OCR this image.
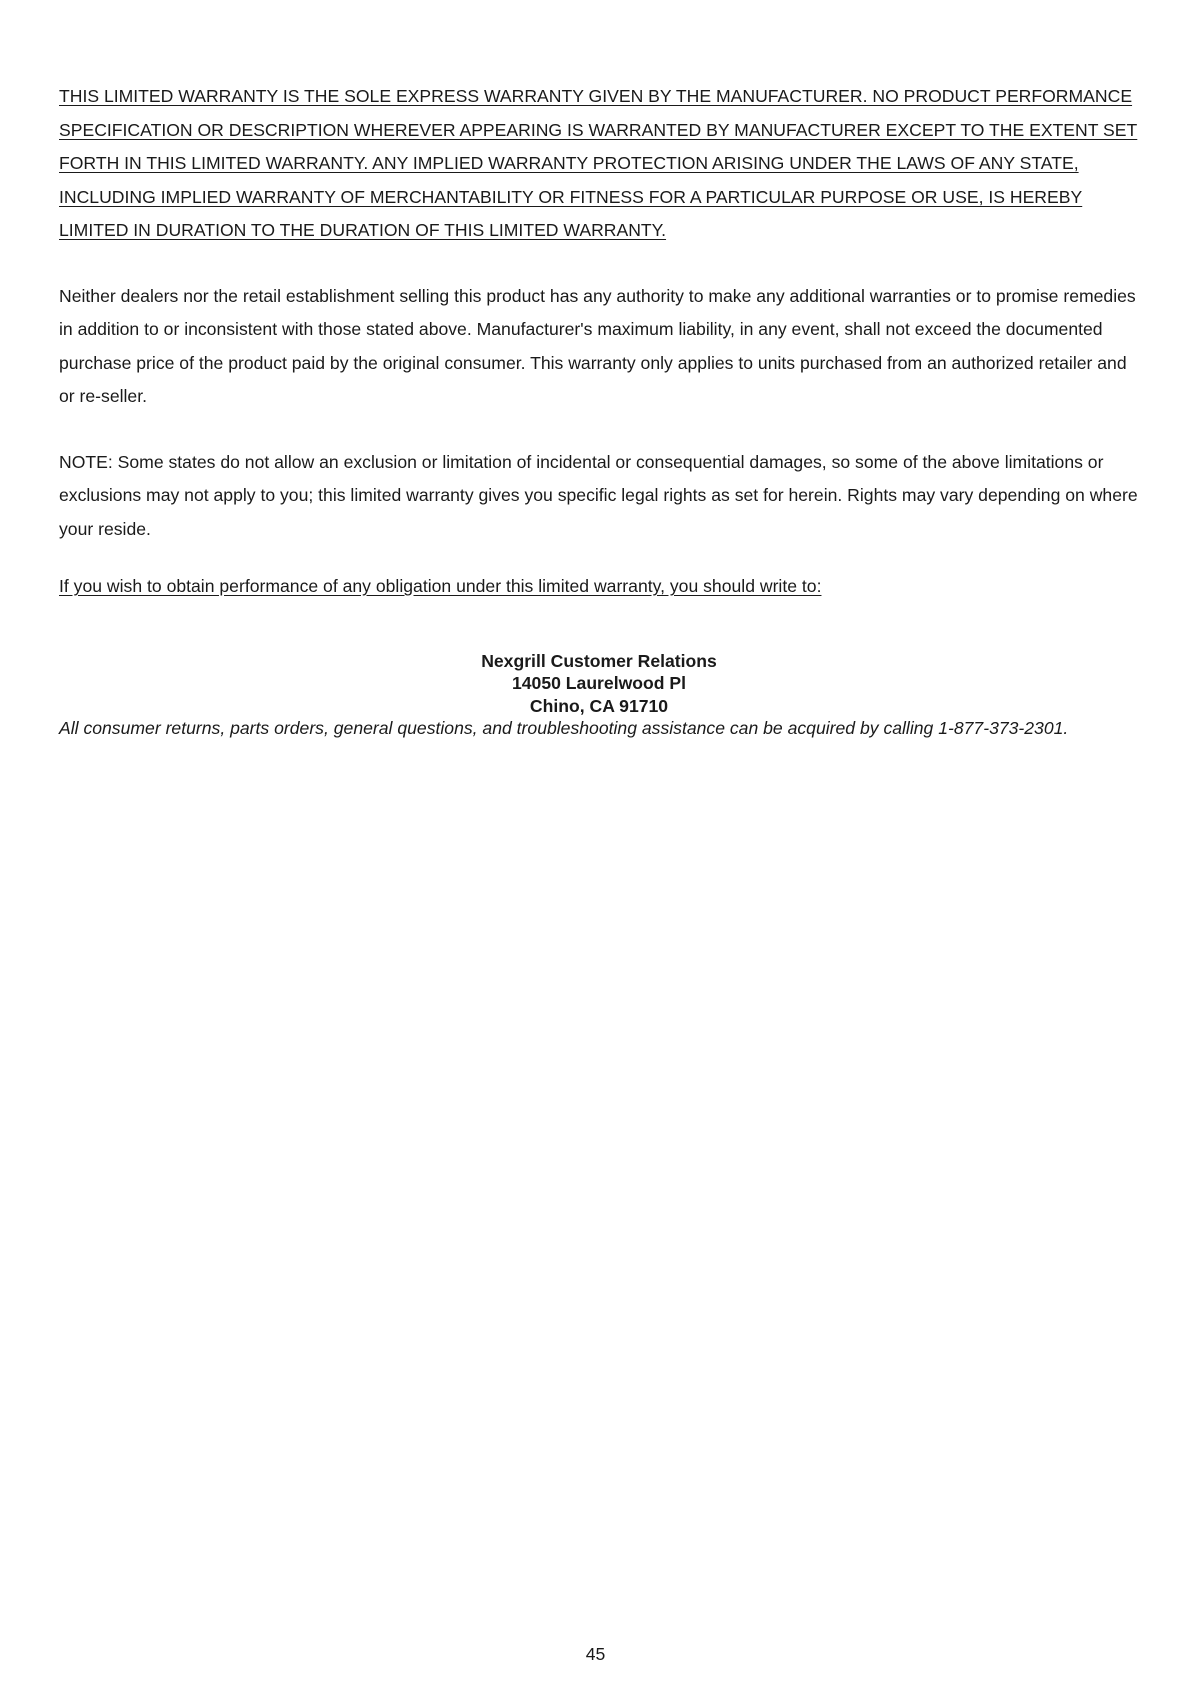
THIS LIMITED WARRANTY IS THE SOLE EXPRESS WARRANTY GIVEN BY THE MANUFACTURER. NO PRODUCT PERFORMANCE SPECIFICATION OR DESCRIPTION WHEREVER APPEARING IS WARRANTED BY MANUFACTURER EXCEPT TO THE EXTENT SET FORTH IN THIS LIMITED WARRANTY. ANY IMPLIED WARRANTY PROTECTION ARISING UNDER THE LAWS OF ANY STATE, INCLUDING IMPLIED WARRANTY OF MERCHANTABILITY OR FITNESS FOR A PARTICULAR PURPOSE OR USE, IS HEREBY LIMITED IN DURATION TO THE DURATION OF THIS LIMITED WARRANTY.

Neither dealers nor the retail establishment selling this product has any authority to make any additional warranties or to promise remedies in addition to or inconsistent with those stated above. Manufacturer's maximum liability, in any event, shall not exceed the documented purchase price of the product paid by the original consumer. This warranty only applies to units purchased from an authorized retailer and or re-seller.

NOTE: Some states do not allow an exclusion or limitation of incidental or consequential damages, so some of the above limitations or exclusions may not apply to you; this limited warranty gives you specific legal rights as set for herein. Rights may vary depending on where your reside.

If you wish to obtain performance of any obligation under this limited warranty, you should write to:

Nexgrill Customer Relations
14050 Laurelwood Pl
Chino, CA 91710

All consumer returns, parts orders, general questions, and troubleshooting assistance can be acquired by calling 1-877-373-2301.

45
